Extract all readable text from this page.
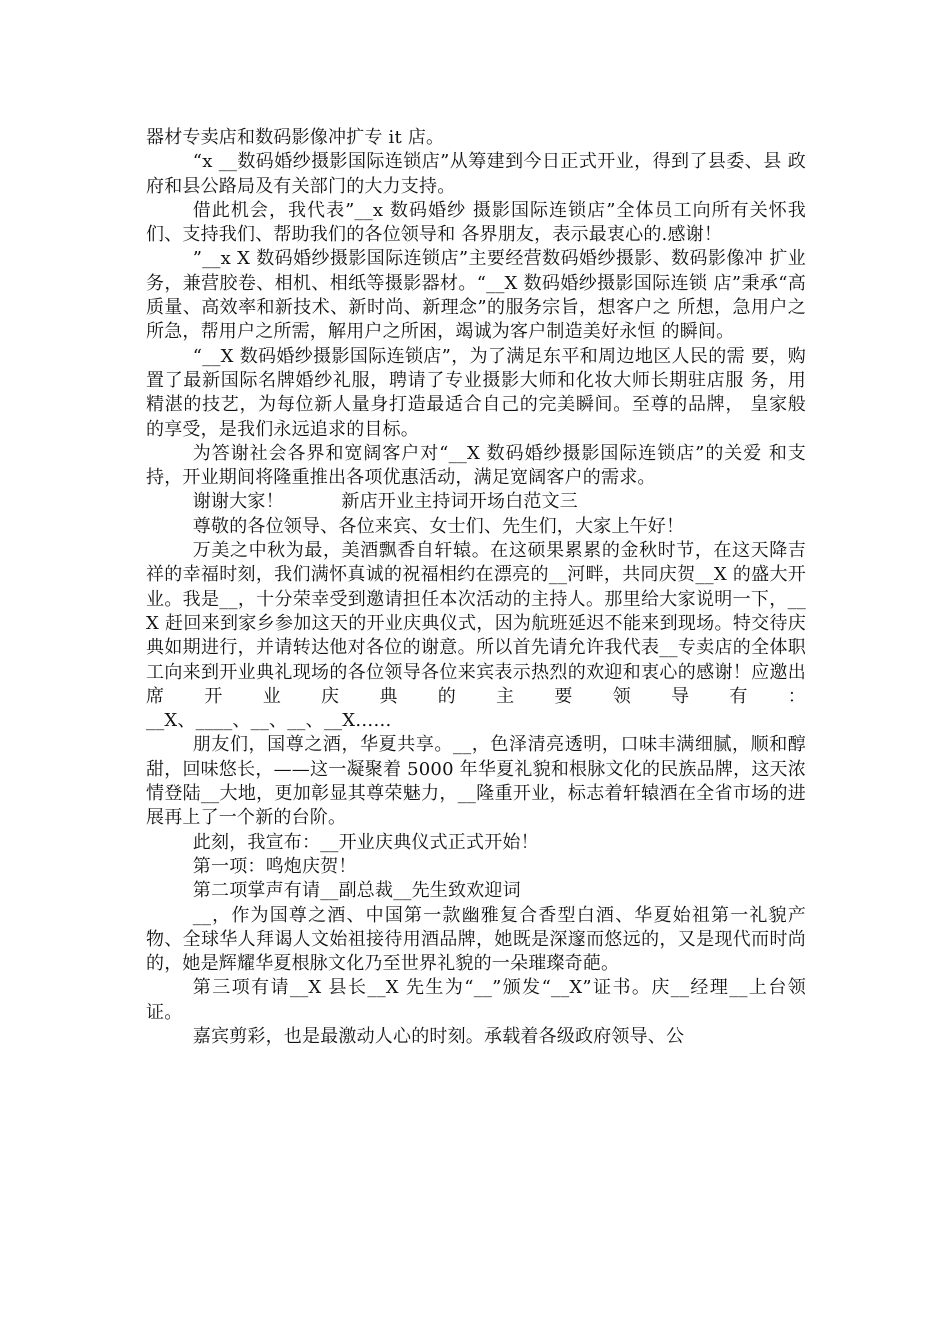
器材专卖店和数码影像冲扩专 it 店。

“x __数码婚纱摄影国际连锁店”从筹建到今日正式开业，得到了县委、县 政府和县公路局及有关部门的大力支持。

借此机会，我代表”__x 数码婚纱 摄影国际连锁店”全体员工向所有关怀我们、支持我们、帮助我们的各位领导和 各界朋友，表示最衷心的.感谢！

”__x X 数码婚纱摄影国际连锁店”主要经营数码婚纱摄影、数码影像冲 扩业务，兼营胶卷、相机、相纸等摄影器材。“__X 数码婚纱摄影国际连锁 店”秉承“高质量、高效率和新技术、新时尚、新理念”的服务宗旨，想客户之 所想，急用户之所急，帮用户之所需，解用户之所困，竭诚为客户制造美好永恒 的瞬间。

“__X 数码婚纱摄影国际连锁店”，为了满足东平和周边地区人民的需 要，购置了最新国际名牌婚纱礼服，聘请了专业摄影大师和化妆大师长期驻店服 务，用精湛的技艺，为每位新人量身打造最适合自己的完美瞬间。至尊的品牌， 皇家般的享受，是我们永远追求的目标。

为答谢社会各界和宽阔客户对“__X 数码婚纱摄影国际连锁店”的关爱 和支持，开业期间将隆重推出各项优惠活动，满足宽阔客户的需求。

谢谢大家！	新店开业主持词开场白范文三

尊敬的各位领导、各位来宾、女士们、先生们，大家上午好！

万美之中秋为最，美酒飘香自轩辕。在这硕果累累的金秋时节，在这天降吉祥的幸福时刻，我们满怀真诚的祝福相约在漂亮的__河畔，共同庆贺__X 的盛大开业。我是__，十分荣幸受到邀请担任本次活动的主持人。那里给大家说明一下，__X 赶回来到家乡参加这天的开业庆典仪式，因为航班延迟不能来到现场。特交待庆典如期进行，并请转达他对各位的谢意。所以首先请允许我代表__专卖店的全体职工向来到开业典礼现场的各位领导各位来宾表示热烈的欢迎和衷心的感谢！应邀出席开业庆典的主要领导有：

__X、____、__、__、__X……

朋友们，国尊之酒，华夏共享。__，色泽清亮透明，口味丰满细腻，顺和醇甜，回味悠长，——这一凝聚着 5000 年华夏礼貌和根脉文化的民族品牌，这天浓情登陆__大地，更加彰显其尊荣魅力，__隆重开业，标志着轩辕酒在全省市场的进展再上了一个新的台阶。

此刻，我宣布：__开业庆典仪式正式开始！

第一项：鸣炮庆贺！

第二项掌声有请__副总裁__先生致欢迎词

__，作为国尊之酒、中国第一款幽雅复合香型白酒、华夏始祖第一礼貌产物、全球华人拜谒人文始祖接待用酒品牌，她既是深邃而悠远的，又是现代而时尚的，她是辉耀华夏根脉文化乃至世界礼貌的一朵璀璨奇葩。

第三项有请__X 县长__X 先生为“__”颁发“__X”证书。庆__经理__上台领证。

嘉宾剪彩，也是最激动人心的时刻。承载着各级政府领导、公
